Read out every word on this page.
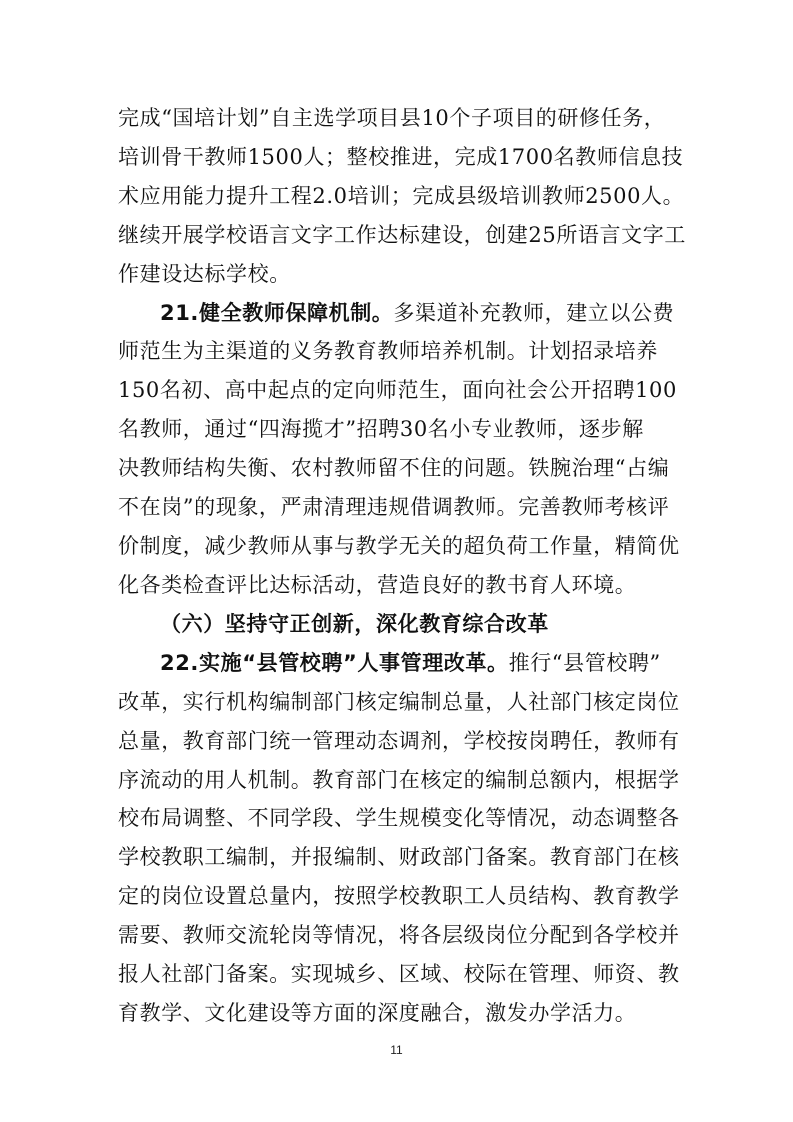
完成“国培计划”自主选学项目县10个子项目的研修任务，
培训骨干教师1500人；整校推进，完成1700名教师信息技
术应用能力提升工程2.0培训；完成县级培训教师2500人。
继续开展学校语言文字工作达标建设，创建25所语言文字工
作建设达标学校。
21.健全教师保障机制。多渠道补充教师，建立以公费
师范生为主渠道的义务教育教师培养机制。计划招录培养
150名初、高中起点的定向师范生，面向社会公开招聘100
名教师，通过“四海揽才”招聘30名小专业教师，逐步解
决教师结构失衡、农村教师留不住的问题。铁腕治理“占编
不在岗”的现象，严肃清理违规借调教师。完善教师考核评
价制度，减少教师从事与教学无关的超负荷工作量，精简优
化各类检查评比达标活动，营造良好的教书育人环境。
（六）坚持守正创新，深化教育综合改革
22.实施“县管校聘”人事管理改革。推行“县管校聘”
改革，实行机构编制部门核定编制总量，人社部门核定岗位
总量，教育部门统一管理动态调剂，学校按岗聘任，教师有
序流动的用人机制。教育部门在核定的编制总额内，根据学
校布局调整、不同学段、学生规模变化等情况，动态调整各
学校教职工编制，并报编制、财政部门备案。教育部门在核
定的岗位设置总量内，按照学校教职工人员结构、教育教学
需要、教师交流轮岗等情况，将各层级岗位分配到各学校并
报人社部门备案。实现城乡、区域、校际在管理、师资、教
育教学、文化建设等方面的深度融合，激发办学活力。
11
